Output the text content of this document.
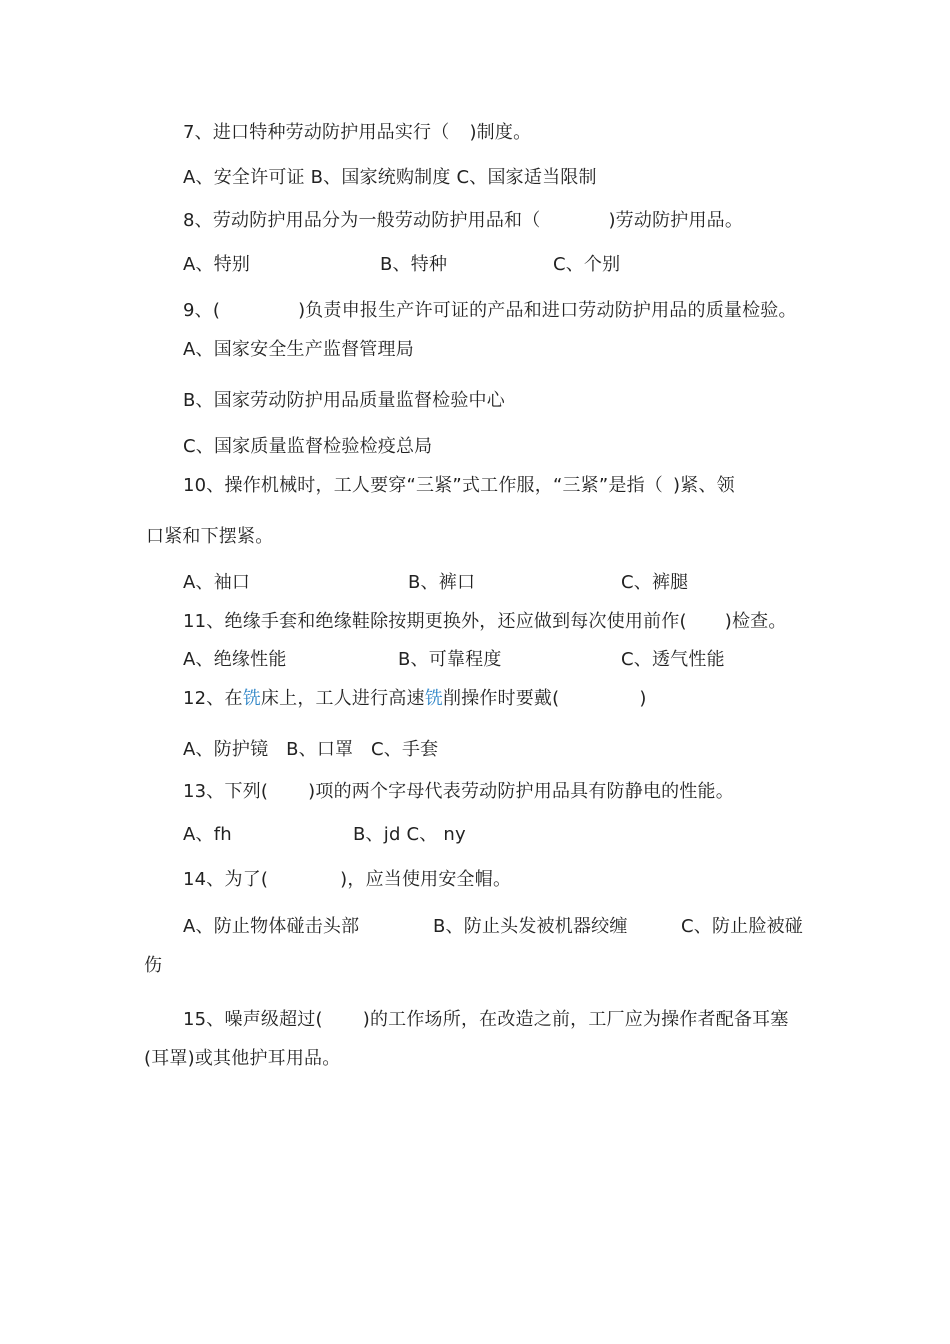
7、进口特种劳动防护用品实行（ )制度。
A、安全许可证 B、国家统购制度 C、国家适当限制
8、劳动防护用品分为一般劳动防护用品和（	)劳动防护用品。
A、特别	B、特种	C、个别
9、(	)负责申报生产许可证的产品和进口劳动防护用品的质量检验。
A、国家安全生产监督管理局
B、国家劳动防护用品质量监督检验中心
C、国家质量监督检验检疫总局
10、操作机械时，工人要穿“三紧”式工作服，“三紧”是指（ )紧、领
口紧和下摆紧。
A、袖口	B、裤口	C、裤腿
11、绝缘手套和绝缘鞋除按期更换外，还应做到每次使用前作( )检查。
A、绝缘性能	B、可靠程度	C、透气性能
12、在铣床上，工人进行高速铣削操作时要戴(	)
A、防护镜   B、口罩   C、手套
13、下列( )项的两个字母代表劳动防护用品具有防静电的性能。
A、fh	B、jd C、 ny
14、为了(	)，应当使用安全帽。
A、防止物体碰击头部	B、防止头发被机器绞缠	C、防止脸被碰
伤
15、噪声级超过( )的工作场所，在改造之前，工厂应为操作者配备耳塞
(耳罩)或其他护耳用品。
